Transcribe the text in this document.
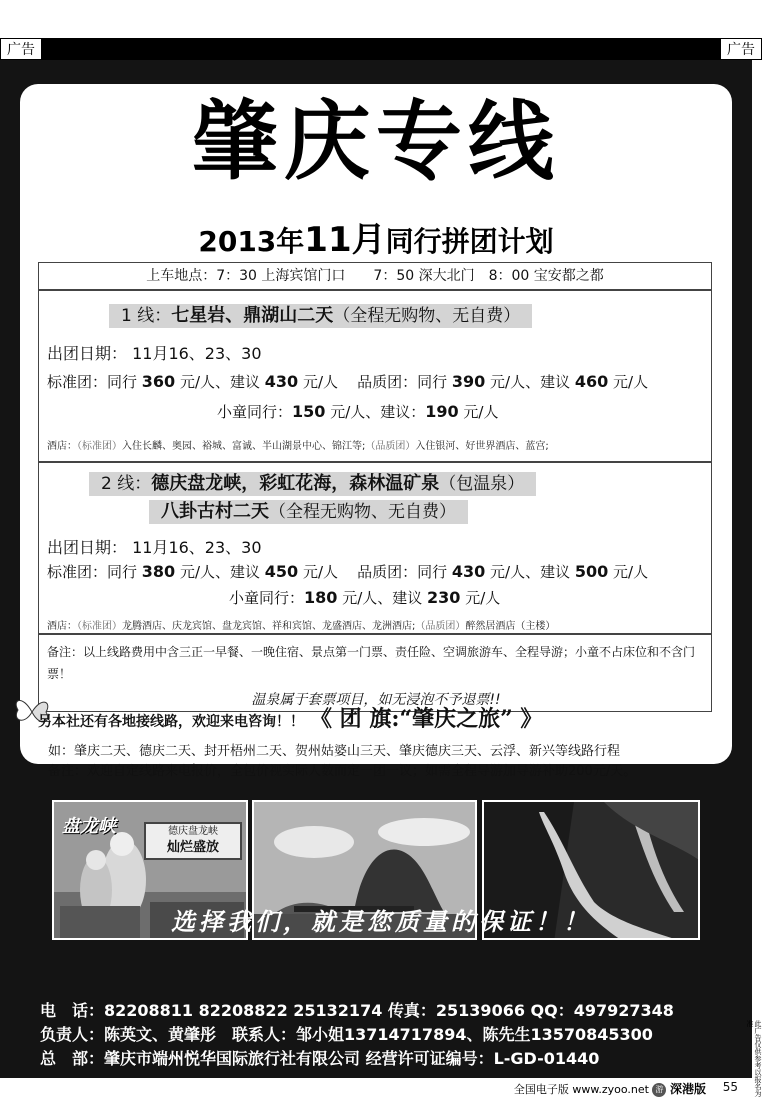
广告	广告
肇庆专线
2013年11月同行拼团计划
上车地点：7：30 上海宾馆门口　　7：50 深大北门　8：00 宝安都之都
1 线：七星岩、鼎湖山二天（全程无购物、无自费）
出团日期： 11月16、23、30
标准团：同行 360 元/人、建议 430 元/人 品质团：同行 390 元/人、建议 460 元/人
小童同行：150 元/人、建议：190 元/人
酒店：（标准团）入住长麟、奥园、裕城、富诚、半山湖景中心、锦江等;（品质团）入住银河、好世界酒店、蓝宫;
2 线：德庆盘龙峡，彩虹花海，森林温矿泉（包温泉）
八卦古村二天（全程无购物、无自费）
出团日期： 11月16、23、30
标准团：同行 380 元/人、建议 450 元/人 品质团：同行 430 元/人、建议 500 元/人
小童同行：180 元/人、建议 230 元/人
酒店：（标准团）龙腾酒店、庆龙宾馆、盘龙宾馆、祥和宾馆、龙盛酒店、龙洲酒店;（品质团）醉然居酒店（主楼）
备注：以上线路费用中含三正一早餐、一晚住宿、景点第一门票、责任险、空调旅游车、全程导游；小童不占床位和不含门票！
温泉属于套票项目，如无浸泡不予退票!!
另本社还有各地接线路，欢迎来电咨询！！ 《 团 旗:“肇庆之旅” 》
如：肇庆二天、德庆二天、封开梧州二天、贺州姑婆山三天、肇庆德庆三天、云浮、新兴等线路行程
备注：欢迎自定线路来电报价，全包价视实际人数而定一团一议；如需全程导游加导游补助200元/天。
盘龙峡	德庆盘龙峡
灿烂盛放
选择我们，就是您质量的保证！！
电　话：82208811 82208822 25132174 传真：25139066 QQ：497927348
负责人：陈英文、黄肇彤　联系人：邹小姐13714717894、陈先生13570845300
总　部：肇庆市端州悦华国际旅行社有限公司 经营许可证编号：L-GD-01440	此广告仅供参考以报名为准
全国电子版 www.zyoo.net 游 深港版 55
